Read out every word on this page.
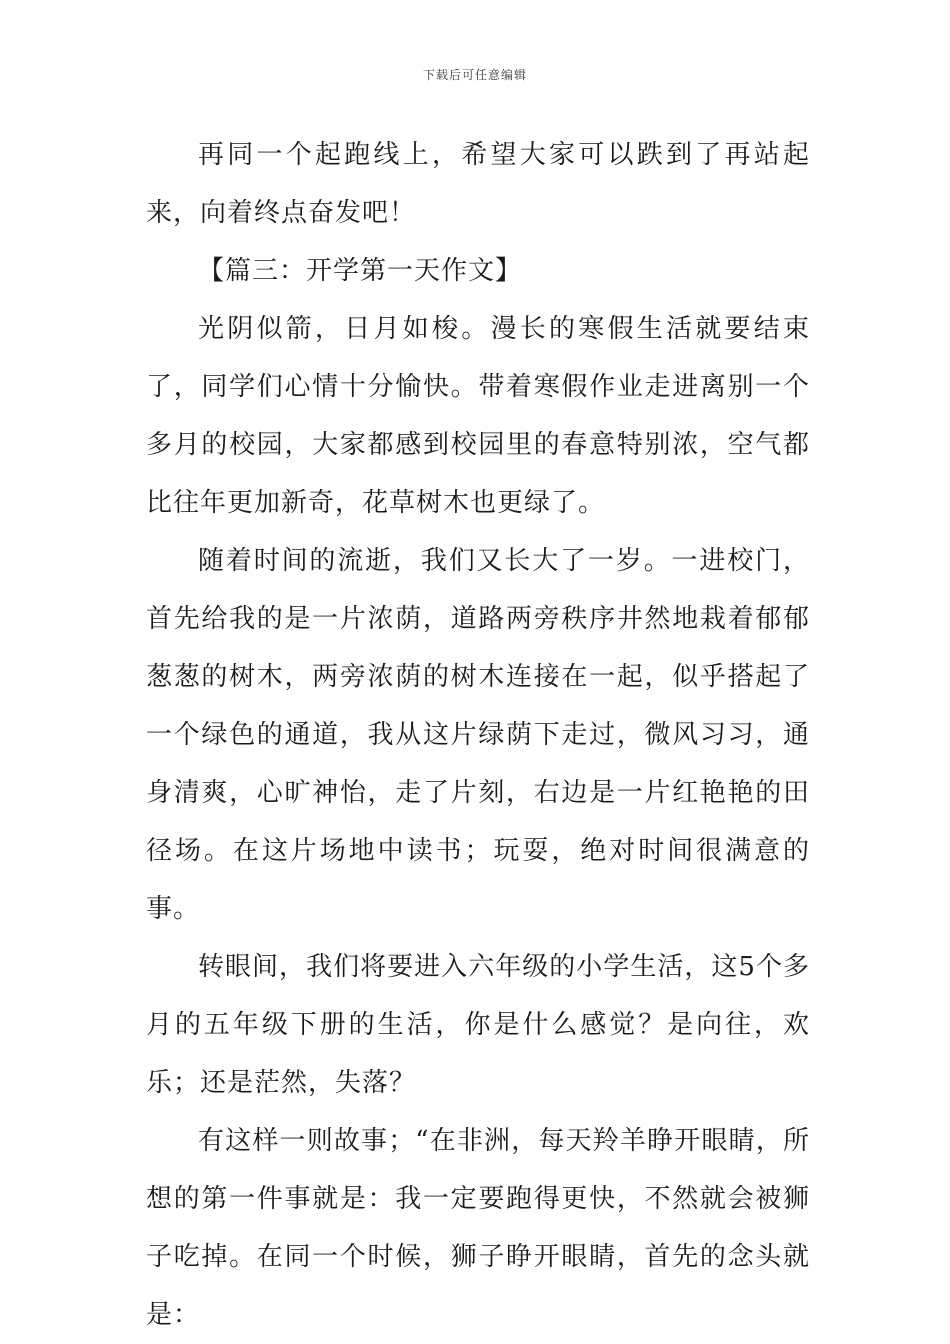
下载后可任意编辑

再同一个起跑线上，希望大家可以跌到了再站起来，向着终点奋发吧！

【篇三：开学第一天作文】

光阴似箭，日月如梭。漫长的寒假生活就要结束了，同学们心情十分愉快。带着寒假作业走进离别一个多月的校园，大家都感到校园里的春意特别浓，空气都比往年更加新奇，花草树木也更绿了。

随着时间的流逝，我们又长大了一岁。一进校门，首先给我的是一片浓荫，道路两旁秩序井然地栽着郁郁葱葱的树木，两旁浓荫的树木连接在一起，似乎搭起了一个绿色的通道，我从这片绿荫下走过，微风习习，通身清爽，心旷神怡，走了片刻，右边是一片红艳艳的田径场。在这片场地中读书；玩耍，绝对时间很满意的事。

转眼间，我们将要进入六年级的小学生活，这5个多月的五年级下册的生活，你是什么感觉？是向往，欢乐；还是茫然，失落？

有这样一则故事；“在非洲，每天羚羊睁开眼睛，所想的第一件事就是：我一定要跑得更快，不然就会被狮子吃掉。在同一个时候，狮子睁开眼睛，首先的念头就是：
